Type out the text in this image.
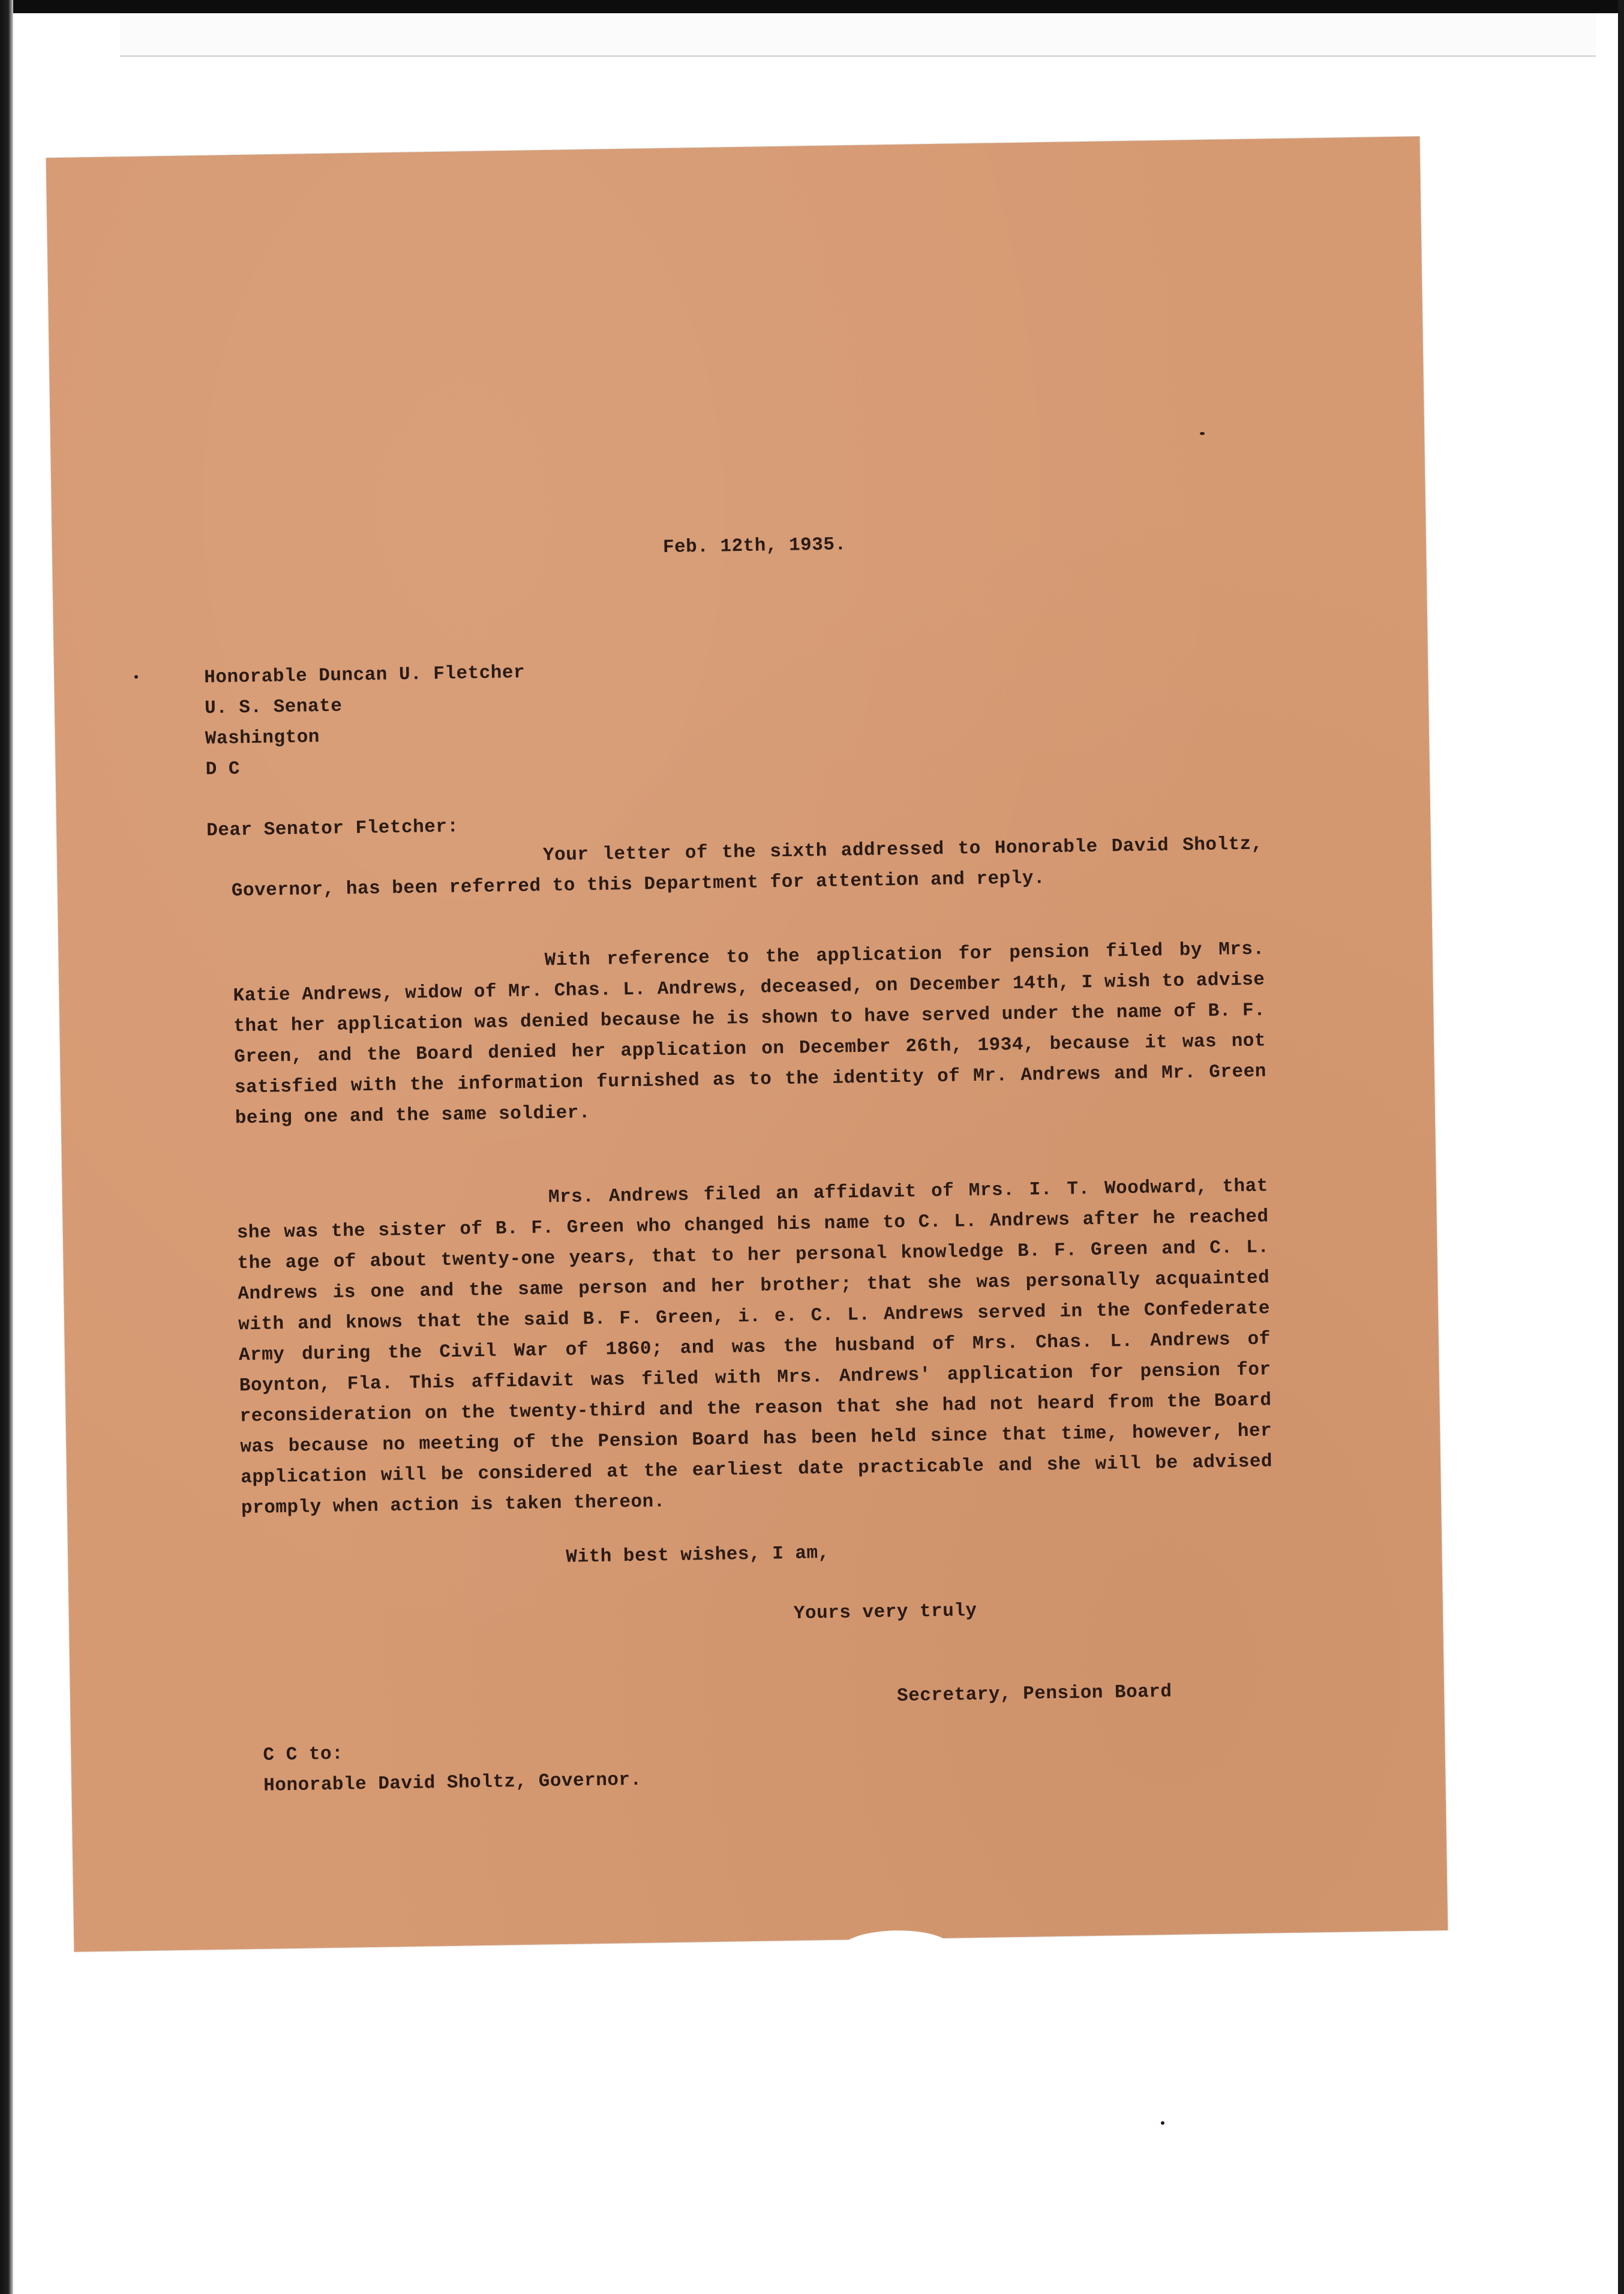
Feb. 12th, 1935.
Honorable Duncan U. Fletcher
U. S. Senate
Washington
D C
Dear Senator Fletcher:

Your letter of the sixth addressed to Honorable David Sholtz, Governor, has been referred to this Department for attention and reply.

With reference to the application for pension filed by Mrs. Katie Andrews, widow of Mr. Chas. L. Andrews, deceased, on December 14th, I wish to advise that her application was denied because he is shown to have served under the name of B. F. Green, and the Board denied her application on December 26th, 1934, because it was not satisfied with the information furnished as to the identity of Mr. Andrews and Mr. Green being one and the same soldier.

Mrs. Andrews filed an affidavit of Mrs. I. T. Woodward, that she was the sister of B. F. Green who changed his name to C. L. Andrews after he reached the age of about twenty-one years, that to her personal knowledge B. F. Green and C. L. Andrews is one and the same person and her brother; that she was personally acquainted with and knows that the said B. F. Green, i. e. C. L. Andrews served in the Confederate Army during the Civil War of 1860; and was the husband of Mrs. Chas. L. Andrews of Boynton, Fla. This affidavit was filed with Mrs. Andrews' application for pension for reconsideration on the twenty-third and the reason that she had not heard from the Board was because no meeting of the Pension Board has been held since that time, however, her application will be considered at the earliest date practicable and she will be advised promply when action is taken thereon.

With best wishes, I am,
Yours very truly
Secretary, Pension Board
C C to:
Honorable David Sholtz, Governor.
